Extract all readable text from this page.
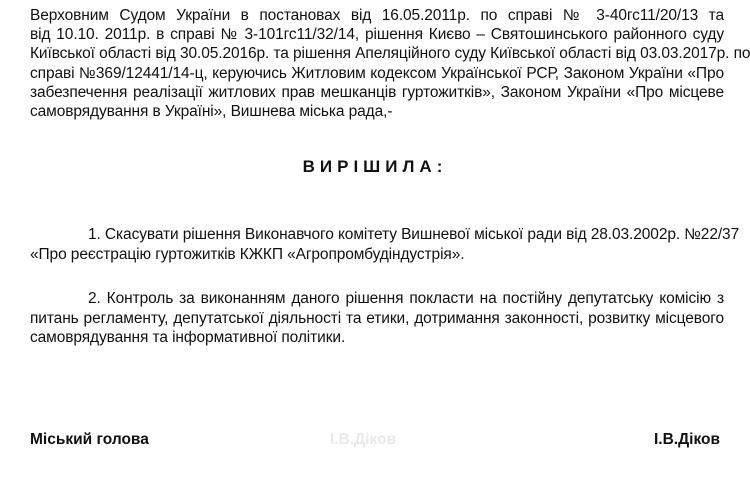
Верховним Судом України в постановах від 16.05.2011р. по справі № 3-40гс11/20/13 та
від 10.10. 2011р. в справі № 3-101гс11/32/14, рішення Києво – Святошинського районного суду
Київської області від 30.05.2016р. та рішення Апеляційного суду Київської області від 03.03.2017р. по
справі №369/12441/14-ц, керуючись Житловим кодексом Української РСР, Законом України «Про
забезпечення реалізації житлових прав мешканців гуртожитків», Законом України «Про місцеве
самоврядування в Україні», Вишнева міська рада,-
ВИРІШИЛА:
1. Скасувати рішення Виконавчого комітету Вишневої міської ради від 28.03.2002р. №22/37
«Про реєстрацію гуртожитків КЖКП «Агропромбудіндустрія».
2. Контроль за виконанням даного рішення покласти на постійну депутатську комісію з
питань регламенту, депутатської діяльності та етики, дотримання законності, розвитку місцевого
самоврядування та інформативної політики.
Міський голова	І.В.Діков	І.В.Діков
